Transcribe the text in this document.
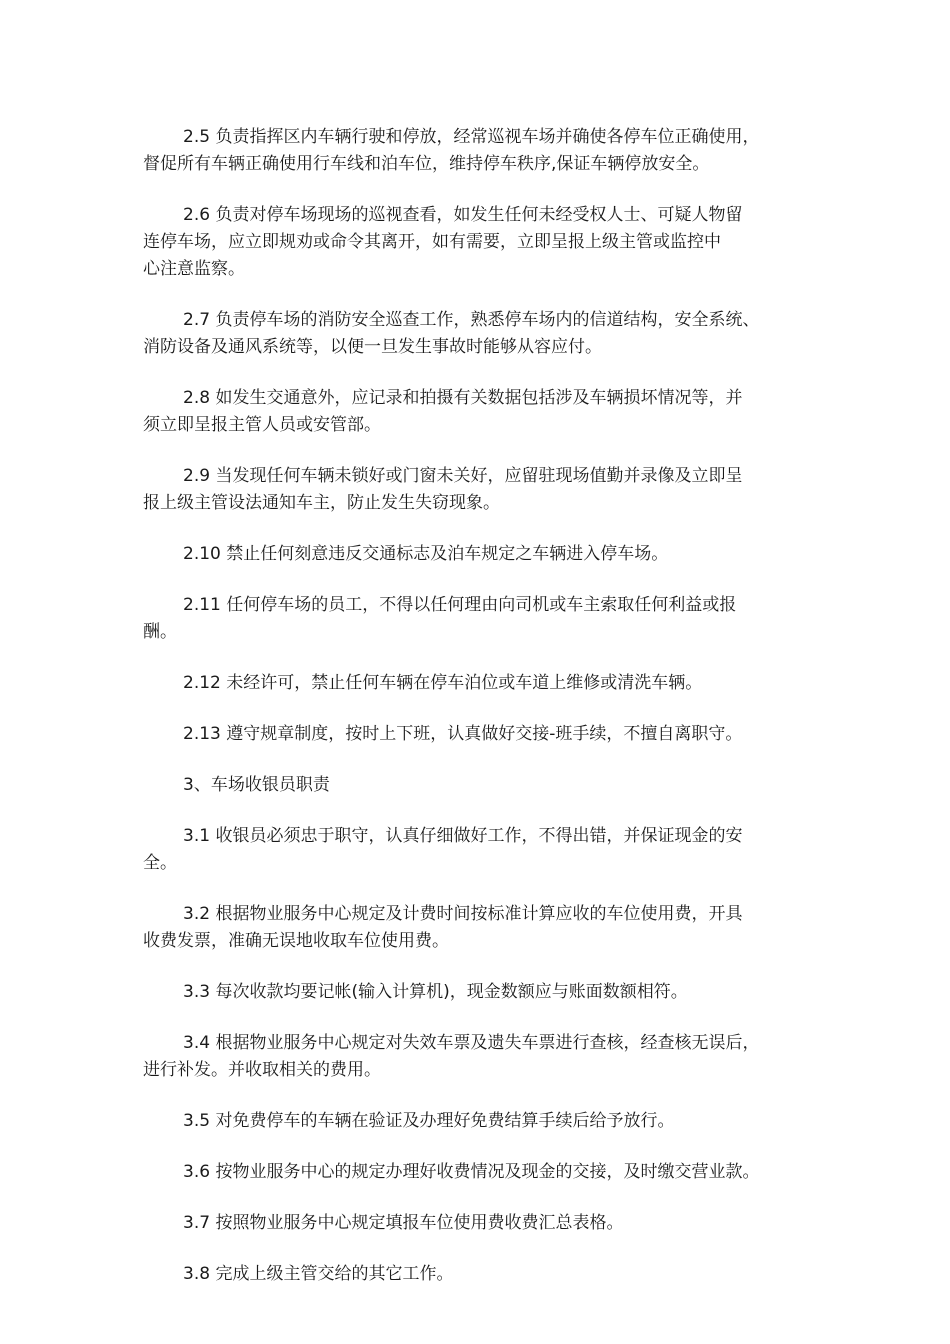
2.5 负责指挥区内车辆行驶和停放，经常巡视车场并确使各停车位正确使用，
督促所有车辆正确使用行车线和泊车位，维持停车秩序,保证车辆停放安全。
2.6 负责对停车场现场的巡视查看，如发生任何未经受权人士、可疑人物留
连停车场，应立即规劝或命令其离开，如有需要，立即呈报上级主管或监控中
心注意监察。
2.7 负责停车场的消防安全巡查工作，熟悉停车场内的信道结构，安全系统、
消防设备及通风系统等，以便一旦发生事故时能够从容应付。
2.8 如发生交通意外，应记录和拍摄有关数据包括涉及车辆损坏情况等，并
须立即呈报主管人员或安管部。
2.9 当发现任何车辆未锁好或门窗未关好，应留驻现场值勤并录像及立即呈
报上级主管设法通知车主，防止发生失窃现象。
2.10 禁止任何刻意违反交通标志及泊车规定之车辆进入停车场。
2.11 任何停车场的员工，不得以任何理由向司机或车主索取任何利益或报
酬。
2.12 未经许可，禁止任何车辆在停车泊位或车道上维修或清洗车辆。
2.13 遵守规章制度，按时上下班，认真做好交接-班手续，不擅自离职守。
3、车场收银员职责
3.1 收银员必须忠于职守，认真仔细做好工作，不得出错，并保证现金的安
全。
3.2 根据物业服务中心规定及计费时间按标准计算应收的车位使用费，开具
收费发票，准确无误地收取车位使用费。
3.3 每次收款均要记帐(输入计算机)，现金数额应与账面数额相符。
3.4 根据物业服务中心规定对失效车票及遗失车票进行查核，经查核无误后，
进行补发。并收取相关的费用。
3.5 对免费停车的车辆在验证及办理好免费结算手续后给予放行。
3.6 按物业服务中心的规定办理好收费情况及现金的交接，及时缴交营业款。
3.7 按照物业服务中心规定填报车位使用费收费汇总表格。
3.8 完成上级主管交给的其它工作。
